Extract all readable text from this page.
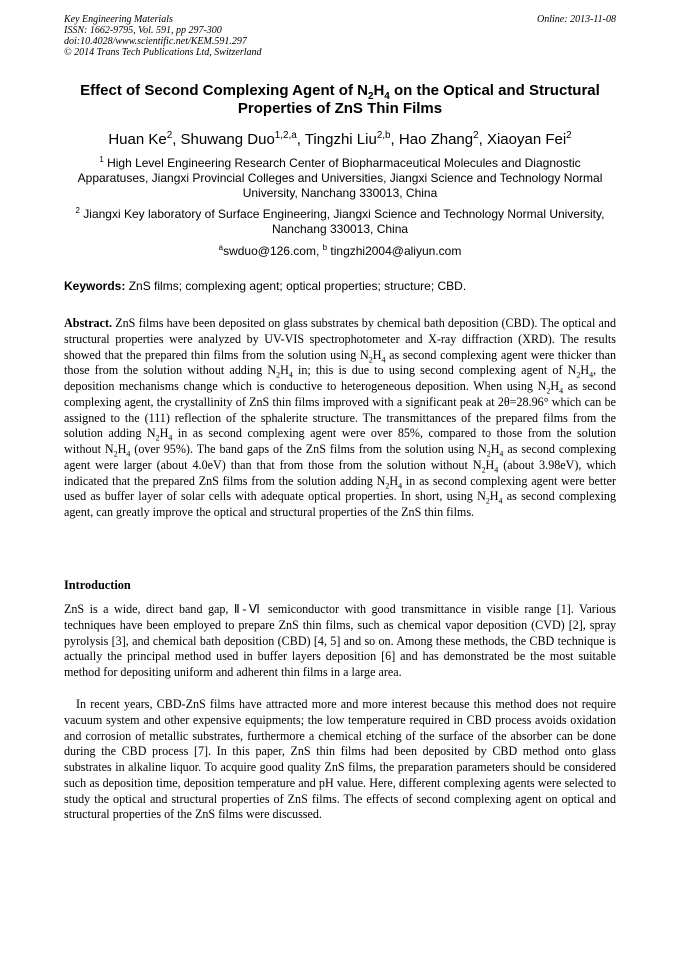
Key Engineering Materials
ISSN: 1662-9795, Vol. 591, pp 297-300
doi:10.4028/www.scientific.net/KEM.591.297
© 2014 Trans Tech Publications Ltd, Switzerland
Online: 2013-11-08
Effect of Second Complexing Agent of $N_2H_4$ on the Optical and Structural Properties of ZnS Thin Films
Huan Ke$^2$, Shuwang Duo$^{1,2,a}$, Tingzhi Liu$^{2,b}$, Hao Zhang$^2$, Xiaoyan Fei$^2$
$^1$ High Level Engineering Research Center of Biopharmaceutical Molecules and Diagnostic Apparatuses, Jiangxi Provincial Colleges and Universities, Jiangxi Science and Technology Normal University, Nanchang 330013, China
$^2$ Jiangxi Key laboratory of Surface Engineering, Jiangxi Science and Technology Normal University, Nanchang 330013, China
$^a$swduo@126.com, $^b$ tingzhi2004@aliyun.com
Keywords: ZnS films; complexing agent; optical properties; structure; CBD.
Abstract. ZnS films have been deposited on glass substrates by chemical bath deposition (CBD). The optical and structural properties were analyzed by UV-VIS spectrophotometer and X-ray diffraction (XRD). The results showed that the prepared thin films from the solution using $N_2H_4$ as second complexing agent were thicker than those from the solution without adding $N_2H_4$ in; this is due to using second complexing agent of $N_2H_4$, the deposition mechanisms change which is conductive to heterogeneous deposition. When using $N_2H_4$ as second complexing agent, the crystallinity of ZnS thin films improved with a significant peak at 2θ=28.96° which can be assigned to the (111) reflection of the sphalerite structure. The transmittances of the prepared films from the solution adding $N_2H_4$ in as second complexing agent were over 85%, compared to those from the solution without $N_2H_4$ (over 95%). The band gaps of the ZnS films from the solution using $N_2H_4$ as second complexing agent were larger (about 4.0eV) than that from those from the solution without $N_2H_4$ (about 3.98eV), which indicated that the prepared ZnS films from the solution adding $N_2H_4$ in as second complexing agent were better used as buffer layer of solar cells with adequate optical properties. In short, using $N_2H_4$ as second complexing agent, can greatly improve the optical and structural properties of the ZnS thin films.
Introduction
ZnS is a wide, direct band gap, Ⅱ-Ⅵ semiconductor with good transmittance in visible range [1]. Various techniques have been employed to prepare ZnS thin films, such as chemical vapor deposition (CVD) [2], spray pyrolysis [3], and chemical bath deposition (CBD) [4, 5] and so on. Among these methods, the CBD technique is actually the principal method used in buffer layers deposition [6] and has demonstrated be the most suitable method for depositing uniform and adherent thin films in a large area.
In recent years, CBD-ZnS films have attracted more and more interest because this method does not require vacuum system and other expensive equipments; the low temperature required in CBD process avoids oxidation and corrosion of metallic substrates, furthermore a chemical etching of the surface of the absorber can be done during the CBD process [7]. In this paper, ZnS thin films had been deposited by CBD method onto glass substrates in alkaline liquor. To acquire good quality ZnS films, the preparation parameters should be considered such as deposition time, deposition temperature and pH value. Here, different complexing agents were selected to study the optical and structural properties of ZnS films. The effects of second complexing agent on optical and structural properties of the ZnS films were discussed.
